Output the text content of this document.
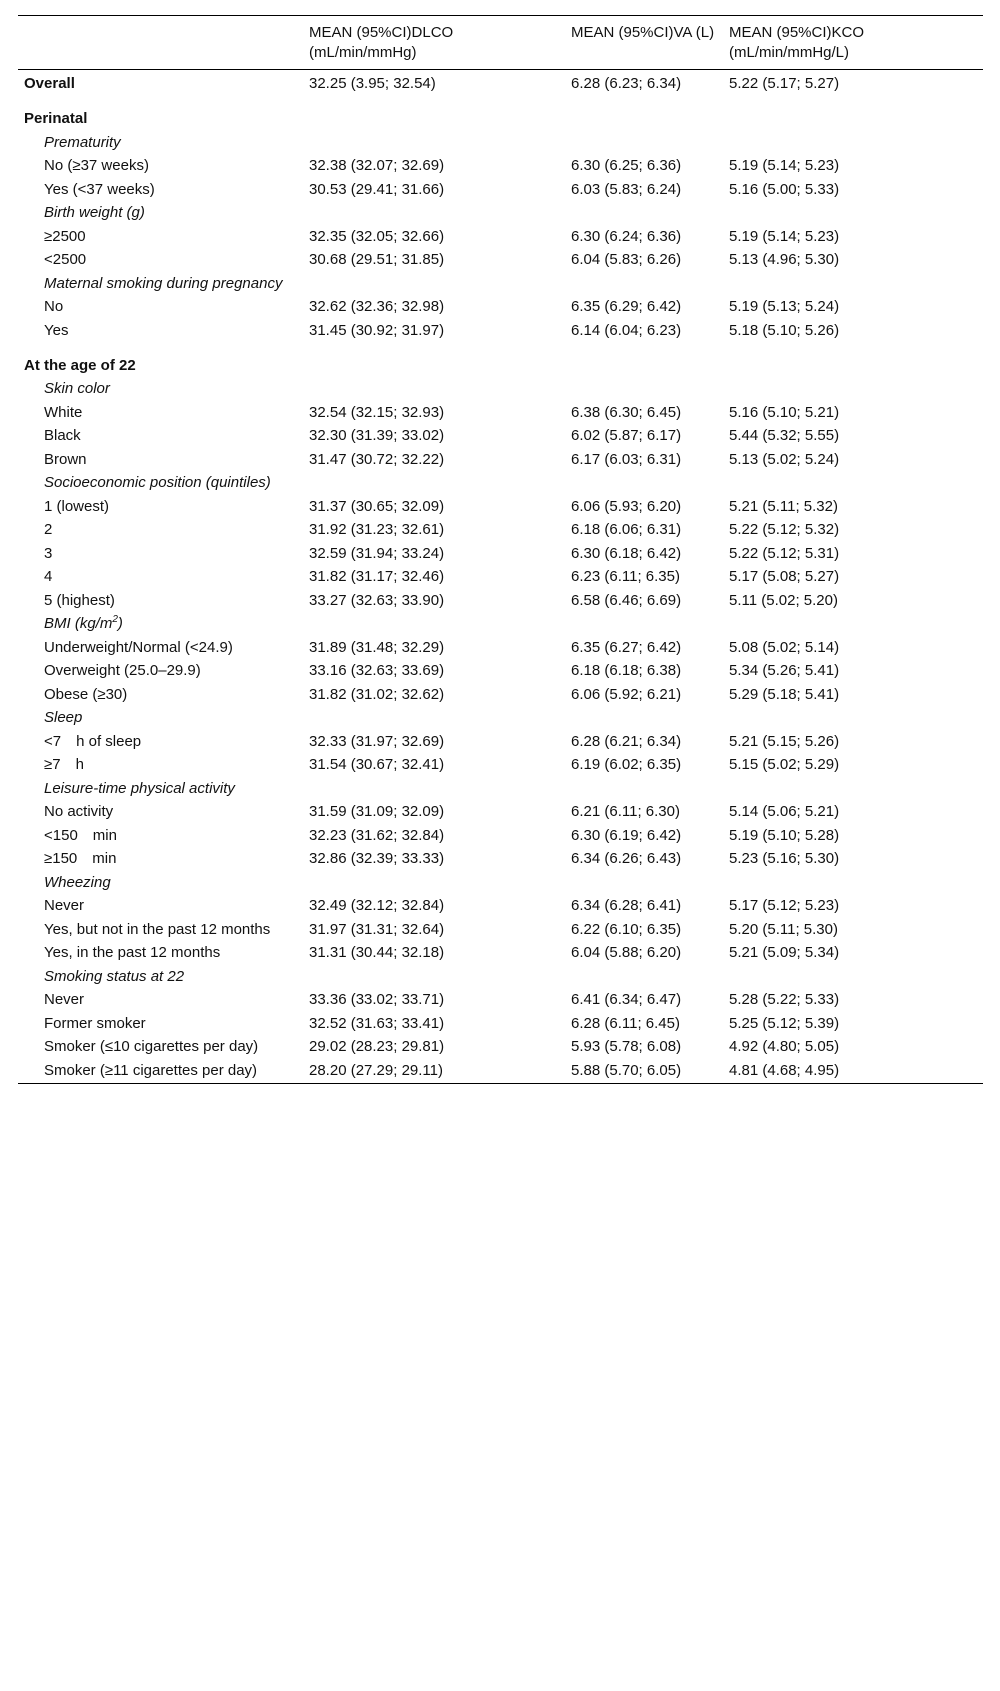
	MEAN (95%CI)DLCO (mL/min/mmHg)	MEAN (95%CI)VA (L)	MEAN (95%CI)KCO (mL/min/mmHg/L)
Overall	32.25 (3.95; 32.54)	6.28 (6.23; 6.34)	5.22 (5.17; 5.27)
Perinatal			
Prematurity			
No (≥37 weeks)	32.38 (32.07; 32.69)	6.30 (6.25; 6.36)	5.19 (5.14; 5.23)
Yes (<37 weeks)	30.53 (29.41; 31.66)	6.03 (5.83; 6.24)	5.16 (5.00; 5.33)
Birth weight (g)			
≥2500	32.35 (32.05; 32.66)	6.30 (6.24; 6.36)	5.19 (5.14; 5.23)
<2500	30.68 (29.51; 31.85)	6.04 (5.83; 6.26)	5.13 (4.96; 5.30)
Maternal smoking during pregnancy			
No	32.62 (32.36; 32.98)	6.35 (6.29; 6.42)	5.19 (5.13; 5.24)
Yes	31.45 (30.92; 31.97)	6.14 (6.04; 6.23)	5.18 (5.10; 5.26)
At the age of 22			
Skin color			
White	32.54 (32.15; 32.93)	6.38 (6.30; 6.45)	5.16 (5.10; 5.21)
Black	32.30 (31.39; 33.02)	6.02 (5.87; 6.17)	5.44 (5.32; 5.55)
Brown	31.47 (30.72; 32.22)	6.17 (6.03; 6.31)	5.13 (5.02; 5.24)
Socioeconomic position (quintiles)			
1 (lowest)	31.37 (30.65; 32.09)	6.06 (5.93; 6.20)	5.21 (5.11; 5.32)
2	31.92 (31.23; 32.61)	6.18 (6.06; 6.31)	5.22 (5.12; 5.32)
3	32.59 (31.94; 33.24)	6.30 (6.18; 6.42)	5.22 (5.12; 5.31)
4	31.82 (31.17; 32.46)	6.23 (6.11; 6.35)	5.17 (5.08; 5.27)
5 (highest)	33.27 (32.63; 33.90)	6.58 (6.46; 6.69)	5.11 (5.02; 5.20)
BMI $(kg/m^2)$			
Underweight/Normal (<24.9)	31.89 (31.48; 32.29)	6.35 (6.27; 6.42)	5.08 (5.02; 5.14)
Overweight (25.0–29.9)	33.16 (32.63; 33.69)	6.18 (6.18; 6.38)	5.34 (5.26; 5.41)
Obese (≥30)	31.82 (31.02; 32.62)	6.06 (5.92; 6.21)	5.29 (5.18; 5.41)
Sleep			
<7 h of sleep	32.33 (31.97; 32.69)	6.28 (6.21; 6.34)	5.21 (5.15; 5.26)
≥7 h	31.54 (30.67; 32.41)	6.19 (6.02; 6.35)	5.15 (5.02; 5.29)
Leisure-time physical activity			
No activity	31.59 (31.09; 32.09)	6.21 (6.11; 6.30)	5.14 (5.06; 5.21)
<150 min	32.23 (31.62; 32.84)	6.30 (6.19; 6.42)	5.19 (5.10; 5.28)
≥150 min	32.86 (32.39; 33.33)	6.34 (6.26; 6.43)	5.23 (5.16; 5.30)
Wheezing			
Never	32.49 (32.12; 32.84)	6.34 (6.28; 6.41)	5.17 (5.12; 5.23)
Yes, but not in the past 12 months	31.97 (31.31; 32.64)	6.22 (6.10; 6.35)	5.20 (5.11; 5.30)
Yes, in the past 12 months	31.31 (30.44; 32.18)	6.04 (5.88; 6.20)	5.21 (5.09; 5.34)
Smoking status at 22			
Never	33.36 (33.02; 33.71)	6.41 (6.34; 6.47)	5.28 (5.22; 5.33)
Former smoker	32.52 (31.63; 33.41)	6.28 (6.11; 6.45)	5.25 (5.12; 5.39)
Smoker (≤10 cigarettes per day)	29.02 (28.23; 29.81)	5.93 (5.78; 6.08)	4.92 (4.80; 5.05)
Smoker (≥11 cigarettes per day)	28.20 (27.29; 29.11)	5.88 (5.70; 6.05)	4.81 (4.68; 4.95)
